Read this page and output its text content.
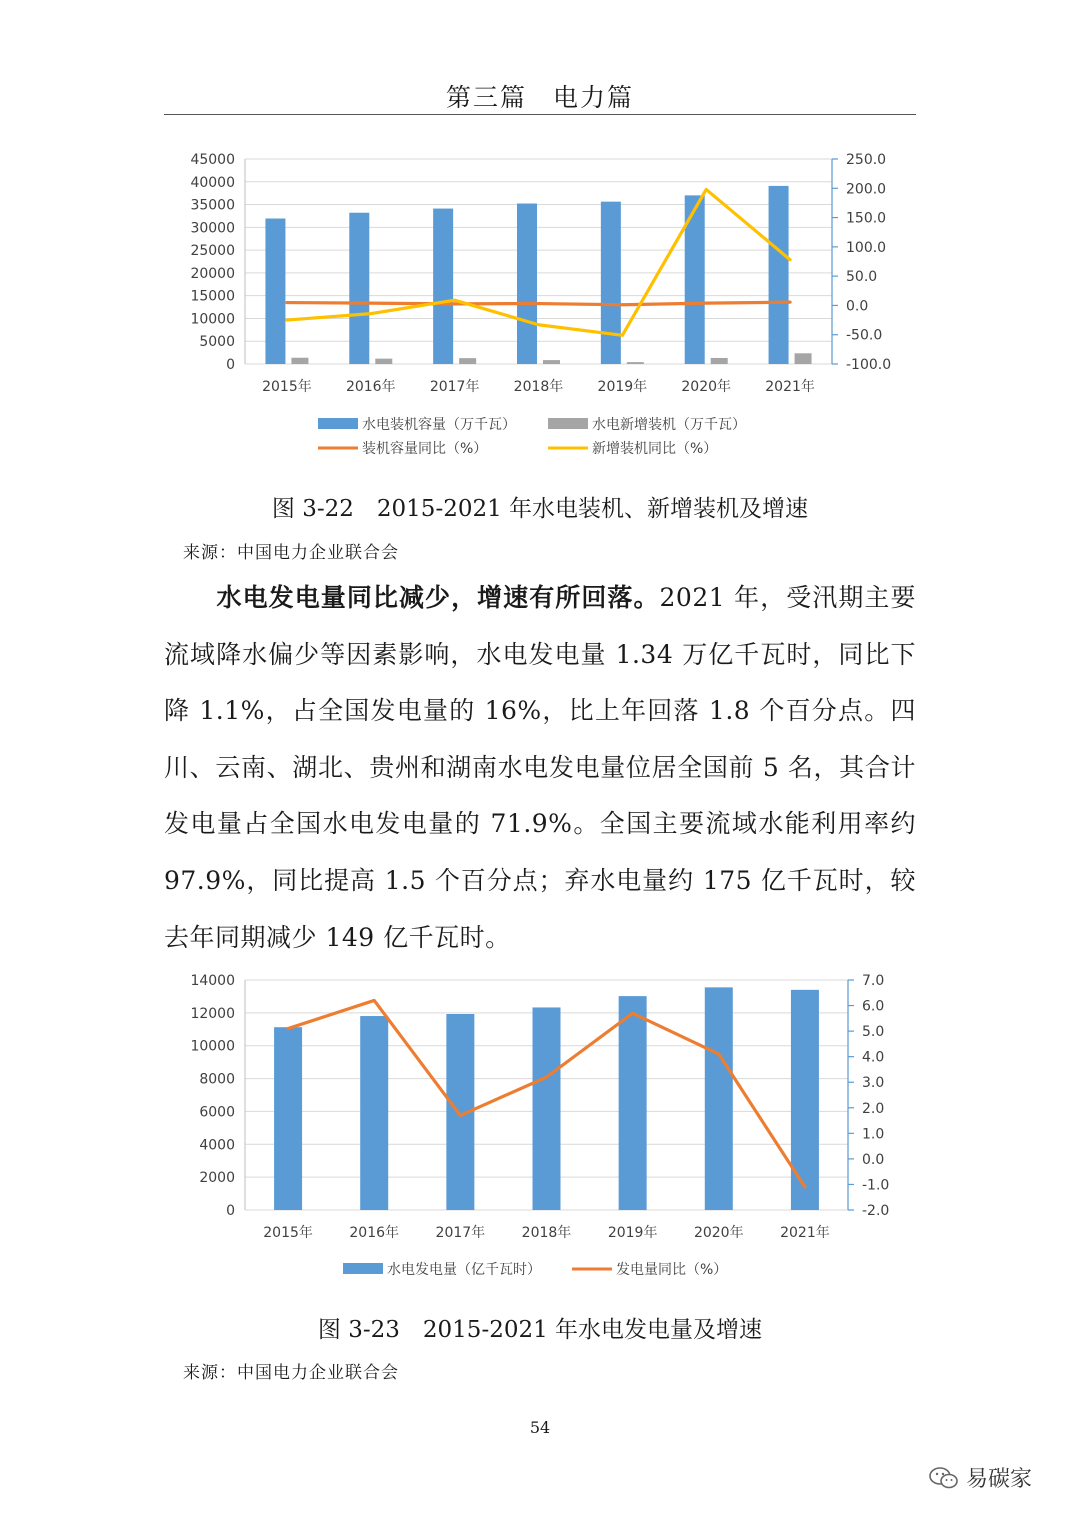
第三篇 电力篇
0
5000
10000
15000
20000
25000
30000
35000
40000
45000
-100.0
-50.0
0.0
50.0
100.0
150.0
200.0
250.0
2015年 2016年 2017年 2018年 2019年 2020年 2021年
水电装机容量（万千瓦）	水电新增装机（万千瓦）
装机容量同比（%）	新增装机同比（%）
图 3-22　2015-2021 年水电装机、新增装机及增速
来源：中国电力企业联合会

水电发电量同比减少，增速有所回落。2021 年，受汛期主要流域降水偏少等因素影响，水电发电量 1.34 万亿千瓦时，同比下降 1.1%，占全国发电量的 16%，比上年回落 1.8 个百分点。四川、云南、湖北、贵州和湖南水电发电量位居全国前 5 名，其合计发电量占全国水电发电量的 71.9%。全国主要流域水能利用率约 97.9%，同比提高 1.5 个百分点；弃水电量约 175 亿千瓦时，较去年同期减少 149 亿千瓦时。

0
2000
4000
6000
8000
10000
12000
14000
-2.0
-1.0
0.0
1.0
2.0
3.0
4.0
5.0
6.0
7.0
2015年	2016年	2017年	2018年	2019年	2020年	2021年
水电发电量（亿千瓦时）	发电量同比（%）
图 3-23　2015-2021 年水电发电量及增速
来源：中国电力企业联合会
54
易碳家
